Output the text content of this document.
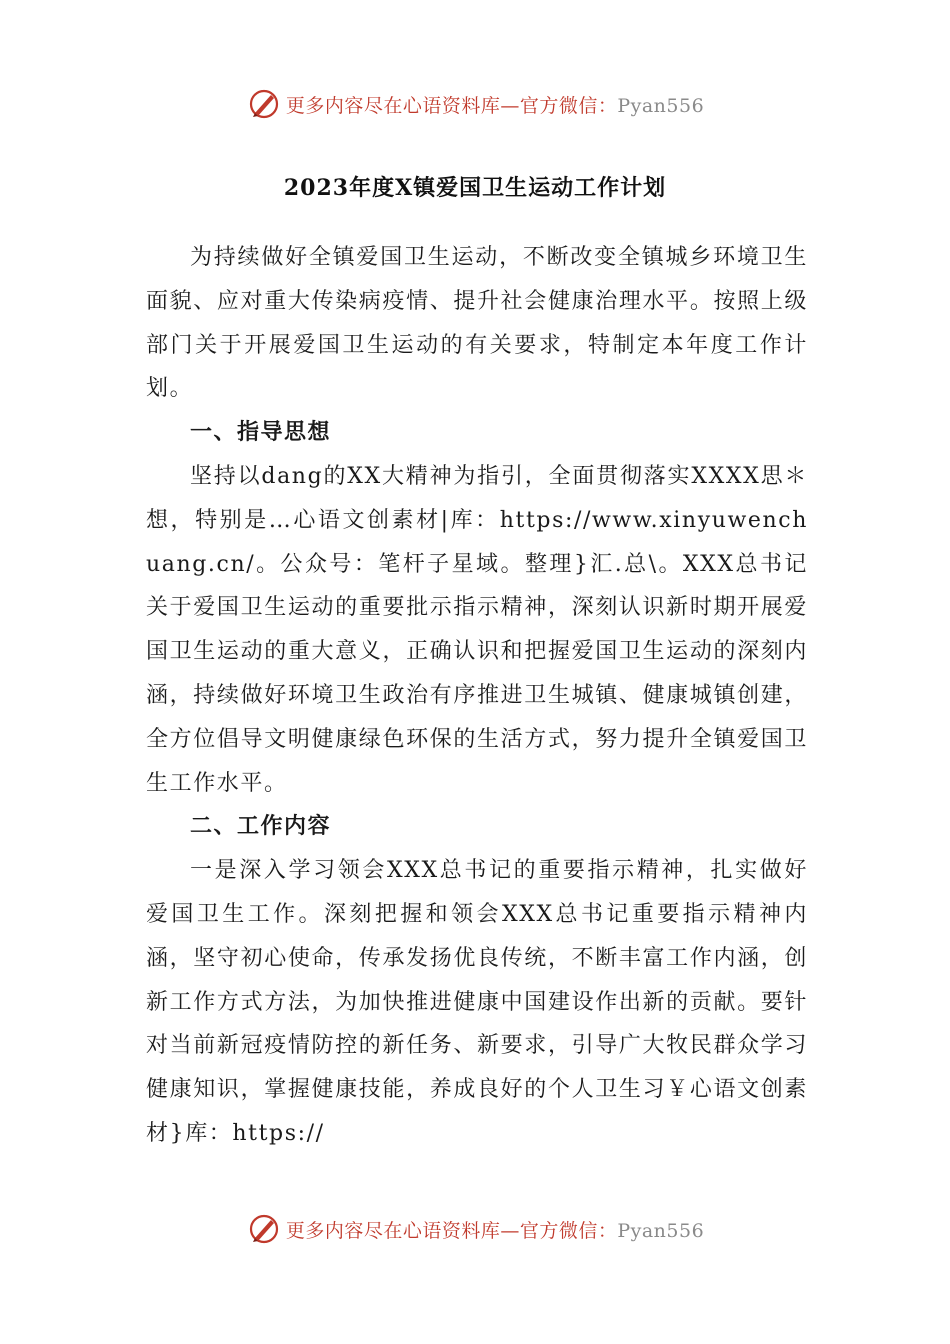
更多内容尽在心语资料库—官方微信：Pyan556
2023年度X镇爱国卫生运动工作计划

为持续做好全镇爱国卫生运动，不断改变全镇城乡环境卫生面貌、应对重大传染病疫情、提升社会健康治理水平。按照上级部门关于开展爱国卫生运动的有关要求，特制定本年度工作计划。

一、指导思想

坚持以dang的XX大精神为指引，全面贯彻落实XXXX思＊想，特别是…心语文创素材|库：https://www.xinyuwenchuang.cn/。公众号：笔杆子星域。整理}汇.总\。XXX总书记关于爱国卫生运动的重要批示指示精神，深刻认识新时期开展爱国卫生运动的重大意义，正确认识和把握爱国卫生运动的深刻内涵，持续做好环境卫生政治有序推进卫生城镇、健康城镇创建，全方位倡导文明健康绿色环保的生活方式，努力提升全镇爱国卫生工作水平。

二、工作内容

一是深入学习领会XXX总书记的重要指示精神，扎实做好爱国卫生工作。深刻把握和领会XXX总书记重要指示精神内涵，坚守初心使命，传承发扬优良传统，不断丰富工作内涵，创新工作方式方法，为加快推进健康中国建设作出新的贡献。要针对当前新冠疫情防控的新任务、新要求，引导广大牧民群众学习健康知识，掌握健康技能，养成良好的个人卫生习￥心语文创素材}库：https://

更多内容尽在心语资料库—官方微信：Pyan556
